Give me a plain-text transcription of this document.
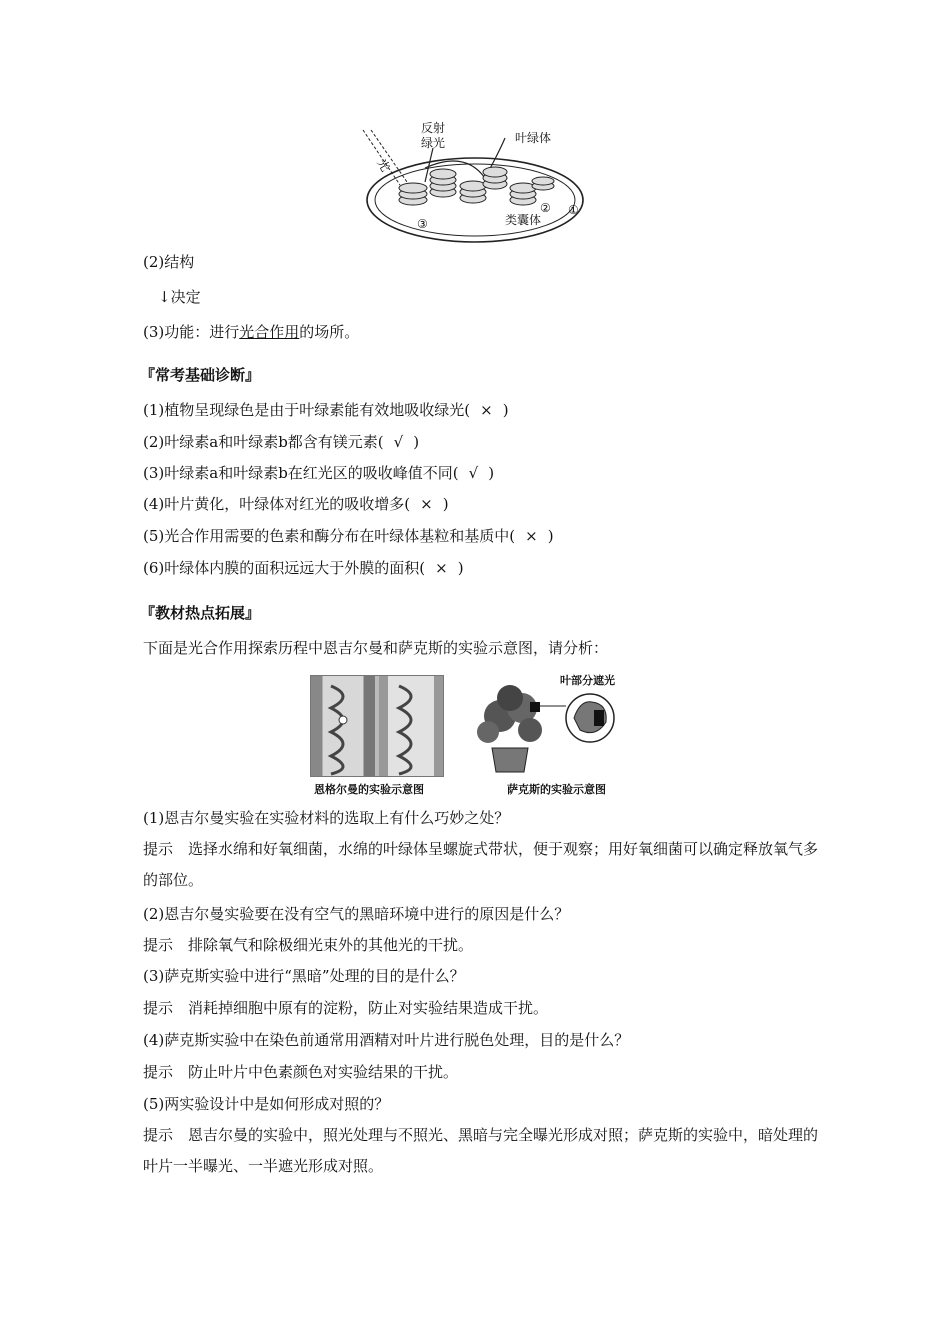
光
反射
绿光	叶绿体
类囊体
①
②
③
(2)结构
↓决定
(3)功能：进行光合作用的场所。
『常考基础诊断』
(1)植物呈现绿色是由于叶绿素能有效地吸收绿光( × )
(2)叶绿素a和叶绿素b都含有镁元素( √ )
(3)叶绿素a和叶绿素b在红光区的吸收峰值不同( √ )
(4)叶片黄化，叶绿体对红光的吸收增多( × )
(5)光合作用需要的色素和酶分布在叶绿体基粒和基质中( × )
(6)叶绿体内膜的面积远远大于外膜的面积( × )
『教材热点拓展』
下面是光合作用探索历程中恩吉尔曼和萨克斯的实验示意图，请分析：
叶部分遮光
恩格尔曼的实验示意图	萨克斯的实验示意图
(1)恩吉尔曼实验在实验材料的选取上有什么巧妙之处？
提示　选择水绵和好氧细菌，水绵的叶绿体呈螺旋式带状，便于观察；用好氧细菌可以确定释放氧气多的部位。
(2)恩吉尔曼实验要在没有空气的黑暗环境中进行的原因是什么？
提示　排除氧气和除极细光束外的其他光的干扰。
(3)萨克斯实验中进行“黑暗”处理的目的是什么？
提示　消耗掉细胞中原有的淀粉，防止对实验结果造成干扰。
(4)萨克斯实验中在染色前通常用酒精对叶片进行脱色处理，目的是什么？
提示　防止叶片中色素颜色对实验结果的干扰。
(5)两实验设计中是如何形成对照的？
提示　恩吉尔曼的实验中，照光处理与不照光、黑暗与完全曝光形成对照；萨克斯的实验中，暗处理的叶片一半曝光、一半遮光形成对照。
